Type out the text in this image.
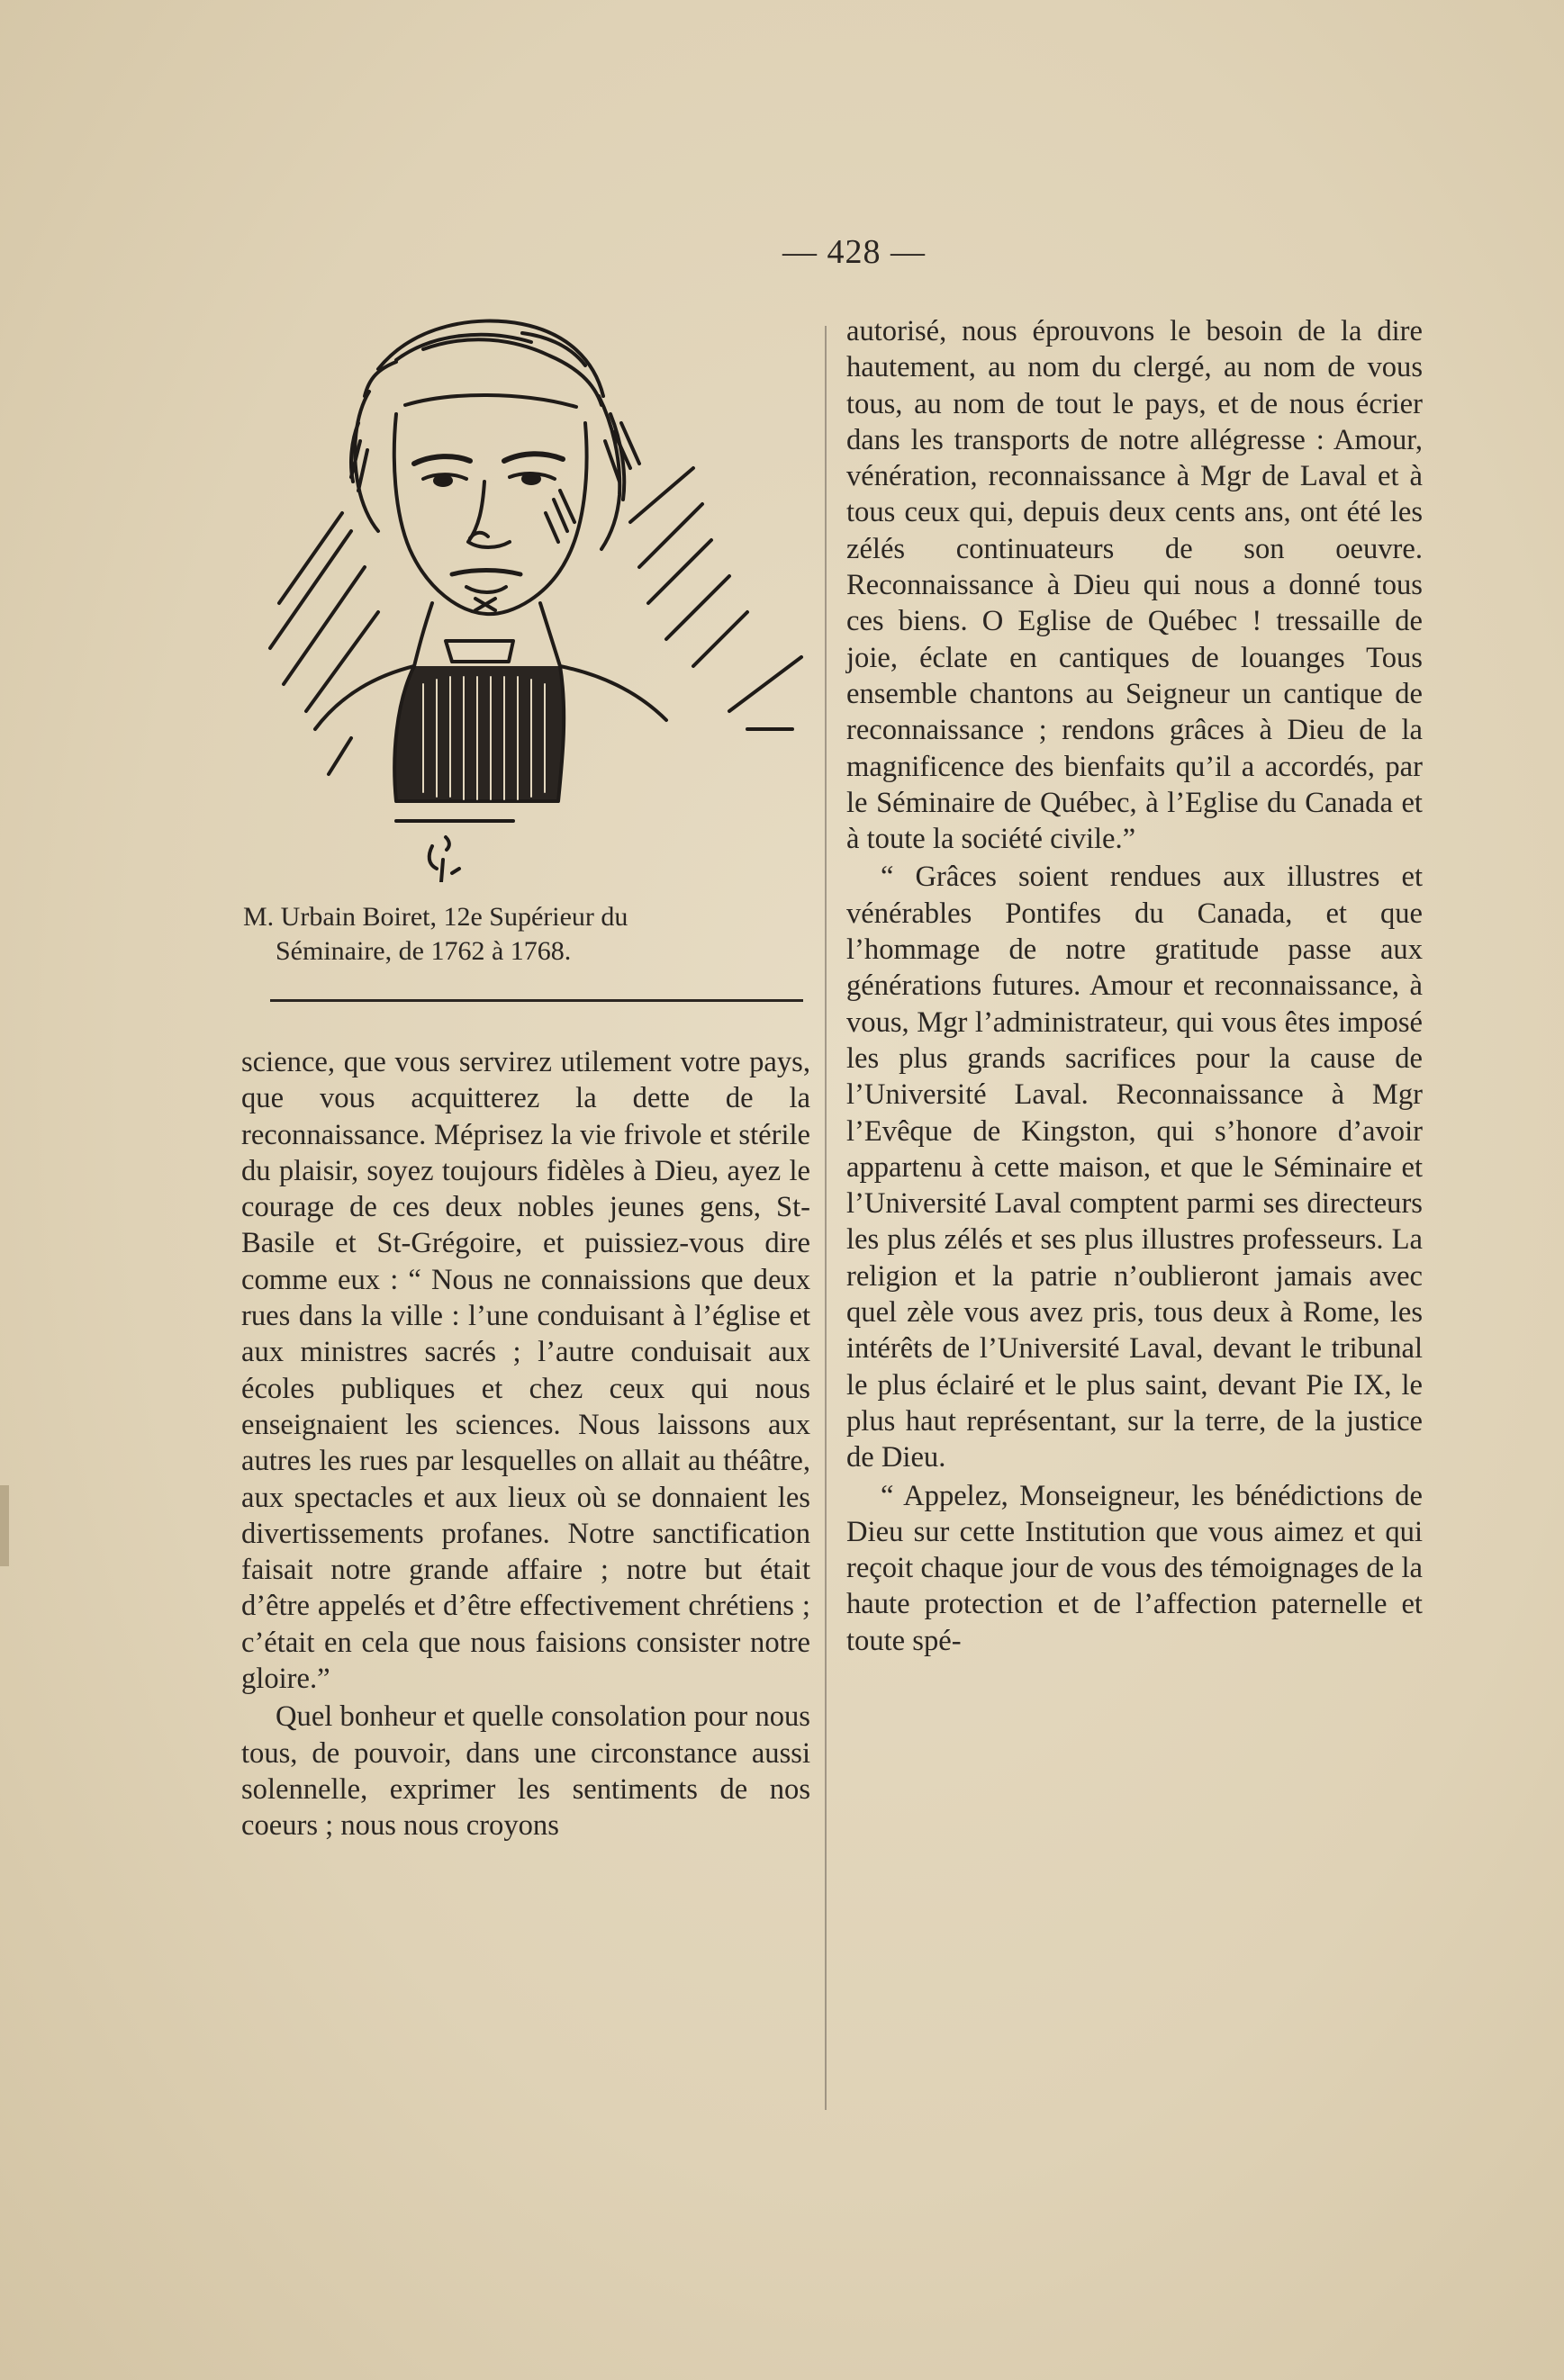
— 428 —
M. Urbain Boiret, 12e Supérieur du
Séminaire, de 1762 à 1768.

science, que vous servirez utilement votre pays, que vous acquitterez la dette de la reconnaissance. Méprisez la vie frivole et stérile du plaisir, soyez toujours fidèles à Dieu, ayez le courage de ces deux nobles jeunes gens, St-Basile et St-Grégoire, et puissiez-vous dire comme eux : “ Nous ne connaissions que deux rues dans la ville : l’une conduisant à l’église et aux ministres sacrés ; l’autre conduisait aux écoles publiques et chez ceux qui nous enseignaient les sciences. Nous laissons aux autres les rues par lesquelles on allait au théâtre, aux spectacles et aux lieux où se donnaient les divertissements profanes. Notre sanctification faisait notre grande affaire ; notre but était d’être appelés et d’être effectivement chrétiens ; c’était en cela que nous faisions consister notre gloire.”

Quel bonheur et quelle consolation pour nous tous, de pouvoir, dans une circonstance aussi solennelle, exprimer les sentiments de nos coeurs ; nous nous croyons

autorisé, nous éprouvons le besoin de la dire hautement, au nom du clergé, au nom de vous tous, au nom de tout le pays, et de nous écrier dans les transports de notre allégresse : Amour, vénération, reconnaissance à Mgr de Laval et à tous ceux qui, depuis deux cents ans, ont été les zélés continuateurs de son oeuvre. Reconnaissance à Dieu qui nous a donné tous ces biens. O Eglise de Québec ! tressaille de joie, éclate en cantiques de louanges Tous ensemble chantons au Seigneur un cantique de reconnaissance ; rendons grâces à Dieu de la magnificence des bienfaits qu’il a accordés, par le Séminaire de Québec, à l’Eglise du Canada et à toute la société civile.”

“ Grâces soient rendues aux illustres et vénérables Pontifes du Canada, et que l’hommage de notre gratitude passe aux générations futures. Amour et reconnaissance, à vous, Mgr l’administrateur, qui vous êtes imposé les plus grands sacrifices pour la cause de l’Université Laval. Reconnaissance à Mgr l’Evêque de Kingston, qui s’honore d’avoir appartenu à cette maison, et que le Séminaire et l’Université Laval comptent parmi ses directeurs les plus zélés et ses plus illustres professeurs. La religion et la patrie n’oublieront jamais avec quel zèle vous avez pris, tous deux à Rome, les intérêts de l’Université Laval, devant le tribunal le plus éclairé et le plus saint, devant Pie IX, le plus haut représentant, sur la terre, de la justice de Dieu.

“ Appelez, Monseigneur, les bénédictions de Dieu sur cette Institution que vous aimez et qui reçoit chaque jour de vous des témoignages de la haute protection et de l’affection paternelle et toute spé-
